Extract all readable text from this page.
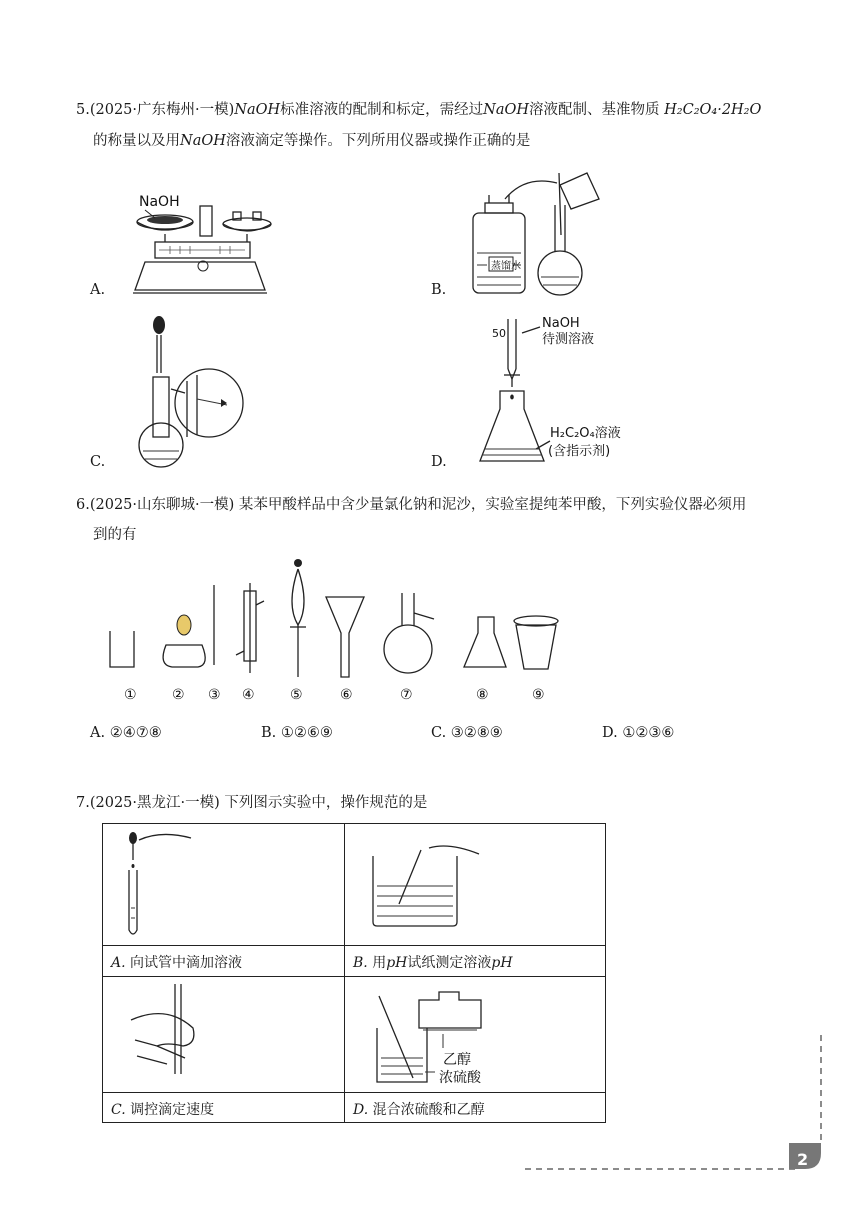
5.(2025·广东梅州·一模)NaOH标准溶液的配制和标定，需经过NaOH溶液配制、基准物质 H₂C₂O₄·2H₂O
的称量以及用NaOH溶液滴定等操作。下列所用仪器或操作正确的是
A.	B.
C.	D.
NaOH
蒸馏水
50
NaOH
待测溶液
H₂C₂O₄溶液
(含指示剂)
6.(2025·山东聊城·一模) 某苯甲酸样品中含少量氯化钠和泥沙，实验室提纯苯甲酸，下列实验仪器必须用
到的有
①	② ③ ④	⑤	⑥	⑦	⑧	⑨
A. ②④⑦⑧	B. ①②⑥⑨	C. ③②⑧⑨	D. ①②③⑥
7.(2025·黑龙江·一模) 下列图示实验中，操作规范的是
乙醇
浓硫酸
A. 向试管中滴加溶液	B. 用pH试纸测定溶液pH
C. 调控滴定速度	D. 混合浓硫酸和乙醇
2
